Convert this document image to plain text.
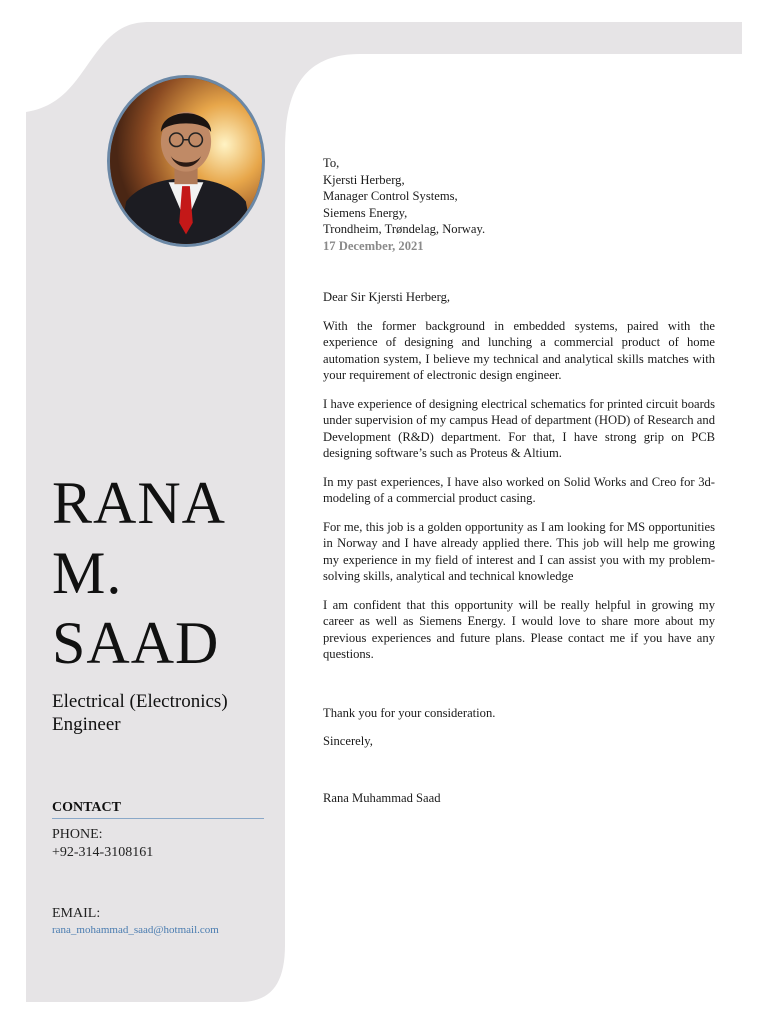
RANA
M.
SAAD
Electrical (Electronics) Engineer
CONTACT
PHONE:
+92-314-3108161
EMAIL:
rana_mohammad_saad@hotmail.com
To,
Kjersti Herberg,
Manager Control Systems,
Siemens Energy,
Trondheim, Trøndelag, Norway.
17 December, 2021
Dear Sir Kjersti Herberg,
With the former background in embedded systems, paired with the experience of designing and lunching a commercial product of home automation system, I believe my technical and analytical skills matches with your requirement of electronic design engineer.
I have experience of designing electrical schematics for printed circuit boards under supervision of my campus Head of department (HOD) of Research and Development (R&D) department. For that, I have strong grip on PCB designing software’s such as Proteus & Altium.
In my past experiences, I have also worked on Solid Works and Creo for 3d-modeling of a commercial product casing.
For me, this job is a golden opportunity as I am looking for MS opportunities in Norway and I have already applied there. This job will help me growing my experience in my field of interest and I can assist you with my problem-solving skills, analytical and technical knowledge
I am confident that this opportunity will be really helpful in growing my career as well as Siemens Energy. I would love to share more about my previous experiences and future plans. Please contact me if you have any questions.
Thank you for your consideration.
Sincerely,
Rana Muhammad Saad
